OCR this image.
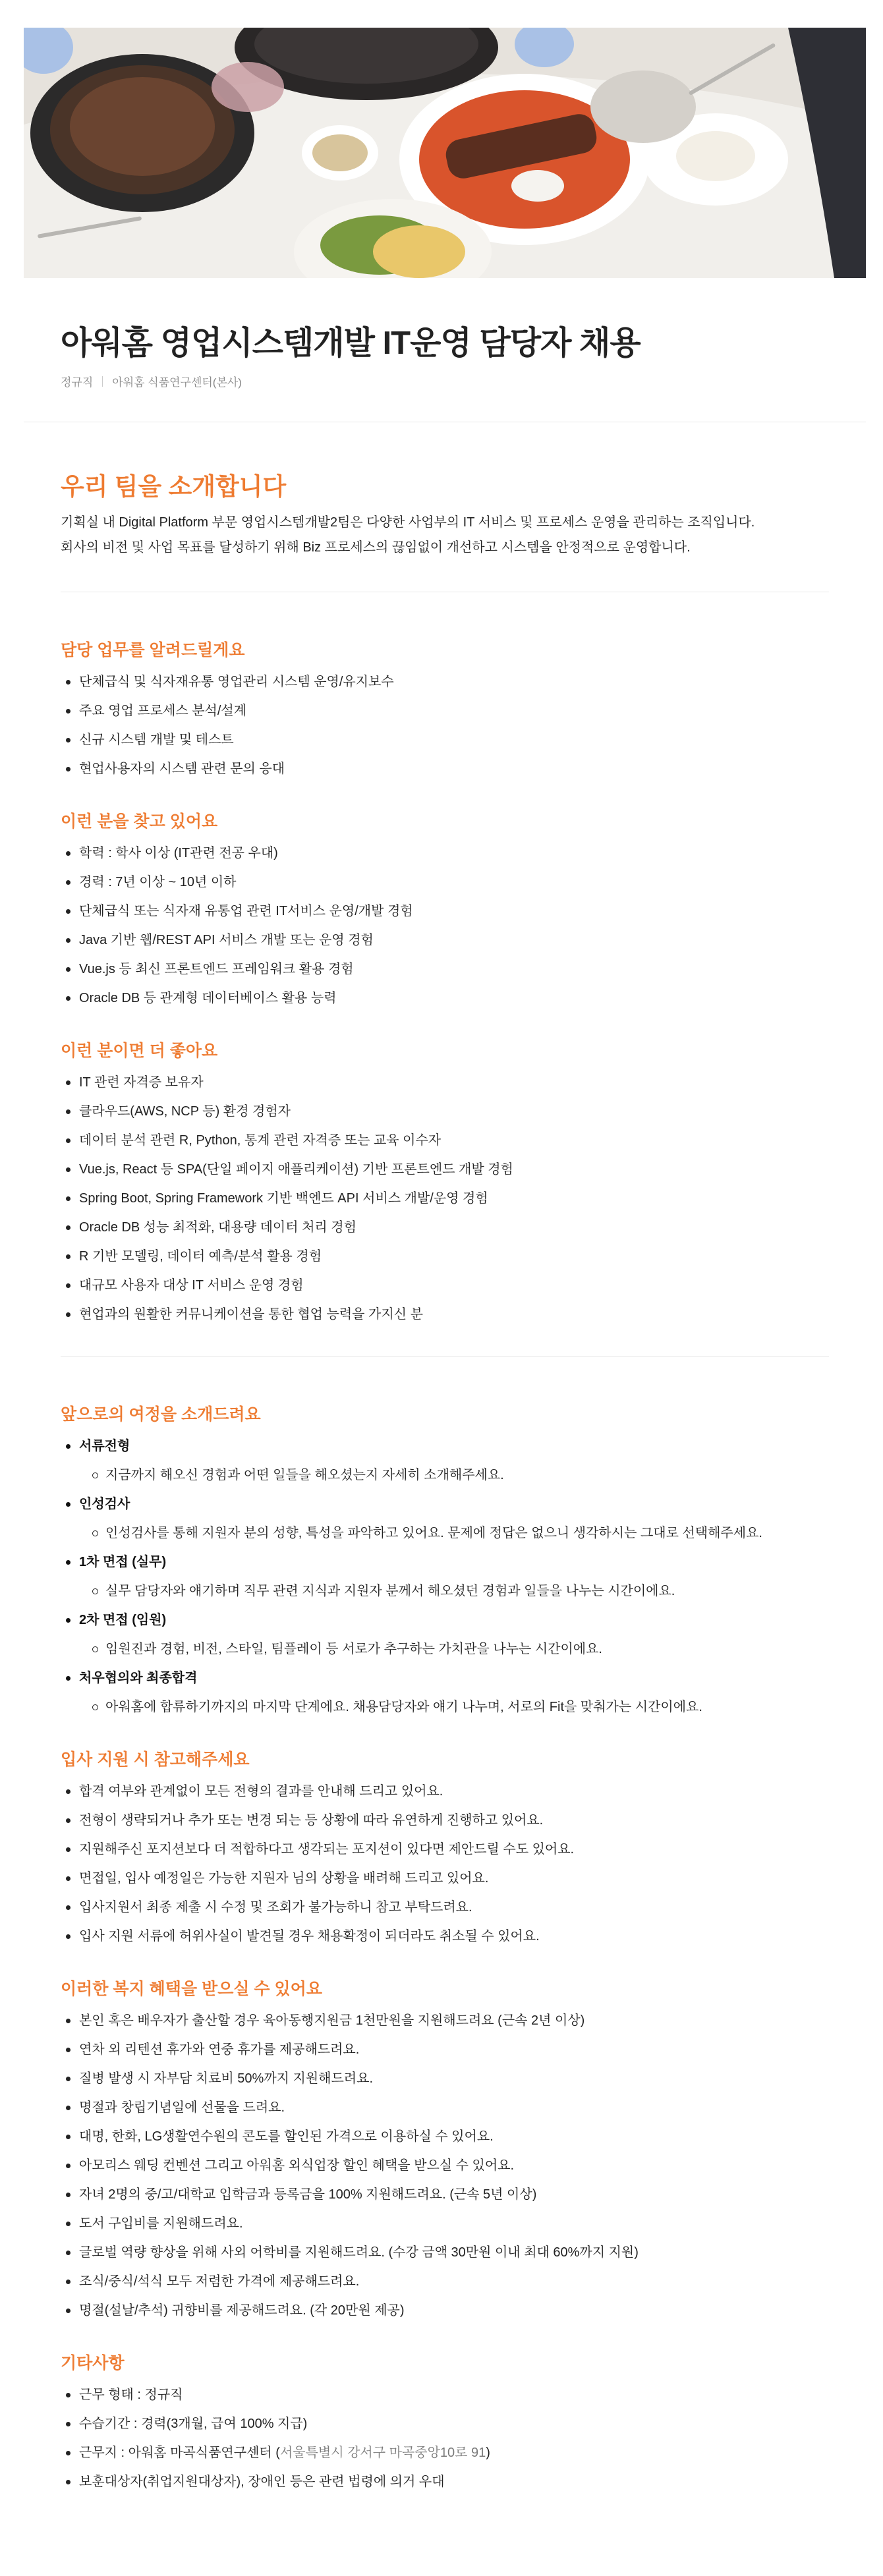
아워홈 영업시스템개발 IT운영 담당자 채용
정규직 아워홈 식품연구센터(본사)
우리 팀을 소개합니다
기획실 내 Digital Platform 부문 영업시스템개발2팀은 다양한 사업부의 IT 서비스 및 프로세스 운영을 관리하는 조직입니다.
회사의 비전 및 사업 목표를 달성하기 위해 Biz 프로세스의 끊임없이 개선하고 시스템을 안정적으로 운영합니다.
담당 업무를 알려드릴게요
단체급식 및 식자재유통 영업관리 시스템 운영/유지보수
주요 영업 프로세스 분석/설계
신규 시스템 개발 및 테스트
현업사용자의 시스템 관련 문의 응대
이런 분을 찾고 있어요
학력 : 학사 이상 (IT관련 전공 우대)
경력 : 7년 이상 ~ 10년 이하
단체급식 또는 식자재 유통업 관련 IT서비스 운영/개발 경험
Java 기반 웹/REST API 서비스 개발 또는 운영 경험
Vue.js 등 최신 프론트엔드 프레임워크 활용 경험
Oracle DB 등 관계형 데이터베이스 활용 능력
이런 분이면 더 좋아요
IT 관련 자격증 보유자
클라우드(AWS, NCP 등) 환경 경험자
데이터 분석 관련 R, Python, 통계 관련 자격증 또는 교육 이수자
Vue.js, React 등 SPA(단일 페이지 애플리케이션) 기반 프론트엔드 개발 경험
Spring Boot, Spring Framework 기반 백엔드 API 서비스 개발/운영 경험
Oracle DB 성능 최적화, 대용량 데이터 처리 경험
R 기반 모델링, 데이터 예측/분석 활용 경험
대규모 사용자 대상 IT 서비스 운영 경험
현업과의 원활한 커뮤니케이션을 통한 협업 능력을 가지신 분
앞으로의 여정을 소개드려요
서류전형
지금까지 해오신 경험과 어떤 일들을 해오셨는지 자세히 소개해주세요.
인성검사
인성검사를 통해 지원자 분의 성향, 특성을 파악하고 있어요. 문제에 정답은 없으니 생각하시는 그대로 선택해주세요.
1차 면접 (실무)
실무 담당자와 얘기하며 직무 관련 지식과 지원자 분께서 해오셨던 경험과 일들을 나누는 시간이에요.
2차 면접 (임원)
임원진과 경험, 비전, 스타일, 팀플레이 등 서로가 추구하는 가치관을 나누는 시간이에요.
처우협의와 최종합격
아워홈에 합류하기까지의 마지막 단계에요. 채용담당자와 얘기 나누며, 서로의 Fit을 맞춰가는 시간이에요.
입사 지원 시 참고해주세요
합격 여부와 관계없이 모든 전형의 결과를 안내해 드리고 있어요.
전형이 생략되거나 추가 또는 변경 되는 등 상황에 따라 유연하게 진행하고 있어요.
지원해주신 포지션보다 더 적합하다고 생각되는 포지션이 있다면 제안드릴 수도 있어요.
면접일, 입사 예정일은 가능한 지원자 님의 상황을 배려해 드리고 있어요.
입사지원서 최종 제출 시 수정 및 조회가 불가능하니 참고 부탁드려요.
입사 지원 서류에 허위사실이 발견될 경우 채용확정이 되더라도 취소될 수 있어요.
이러한 복지 혜택을 받으실 수 있어요
본인 혹은 배우자가 출산할 경우 육아동행지원금 1천만원을 지원해드려요 (근속 2년 이상)
연차 외 리텐션 휴가와 연중 휴가를 제공해드려요.
질병 발생 시 자부담 치료비 50%까지 지원해드려요.
명절과 창립기념일에 선물을 드려요.
대명, 한화, LG생활연수원의 콘도를 할인된 가격으로 이용하실 수 있어요.
아모리스 웨딩 컨벤션 그리고 아워홈 외식업장 할인 혜택을 받으실 수 있어요.
자녀 2명의 중/고/대학교 입학금과 등록금을 100% 지원해드려요. (근속 5년 이상)
도서 구입비를 지원해드려요.
글로벌 역량 향상을 위해 사외 어학비를 지원해드려요. (수강 금액 30만원 이내 최대 60%까지 지원)
조식/중식/석식 모두 저렴한 가격에 제공해드려요.
명절(설날/추석) 귀향비를 제공해드려요. (각 20만원 제공)
기타사항
근무 형태 : 정규직
수습기간 : 경력(3개월, 급여 100% 지급)
근무지 : 아워홈 마곡식품연구센터 (서울특별시 강서구 마곡중앙10로 91)
보훈대상자(취업지원대상자), 장애인 등은 관련 법령에 의거 우대
